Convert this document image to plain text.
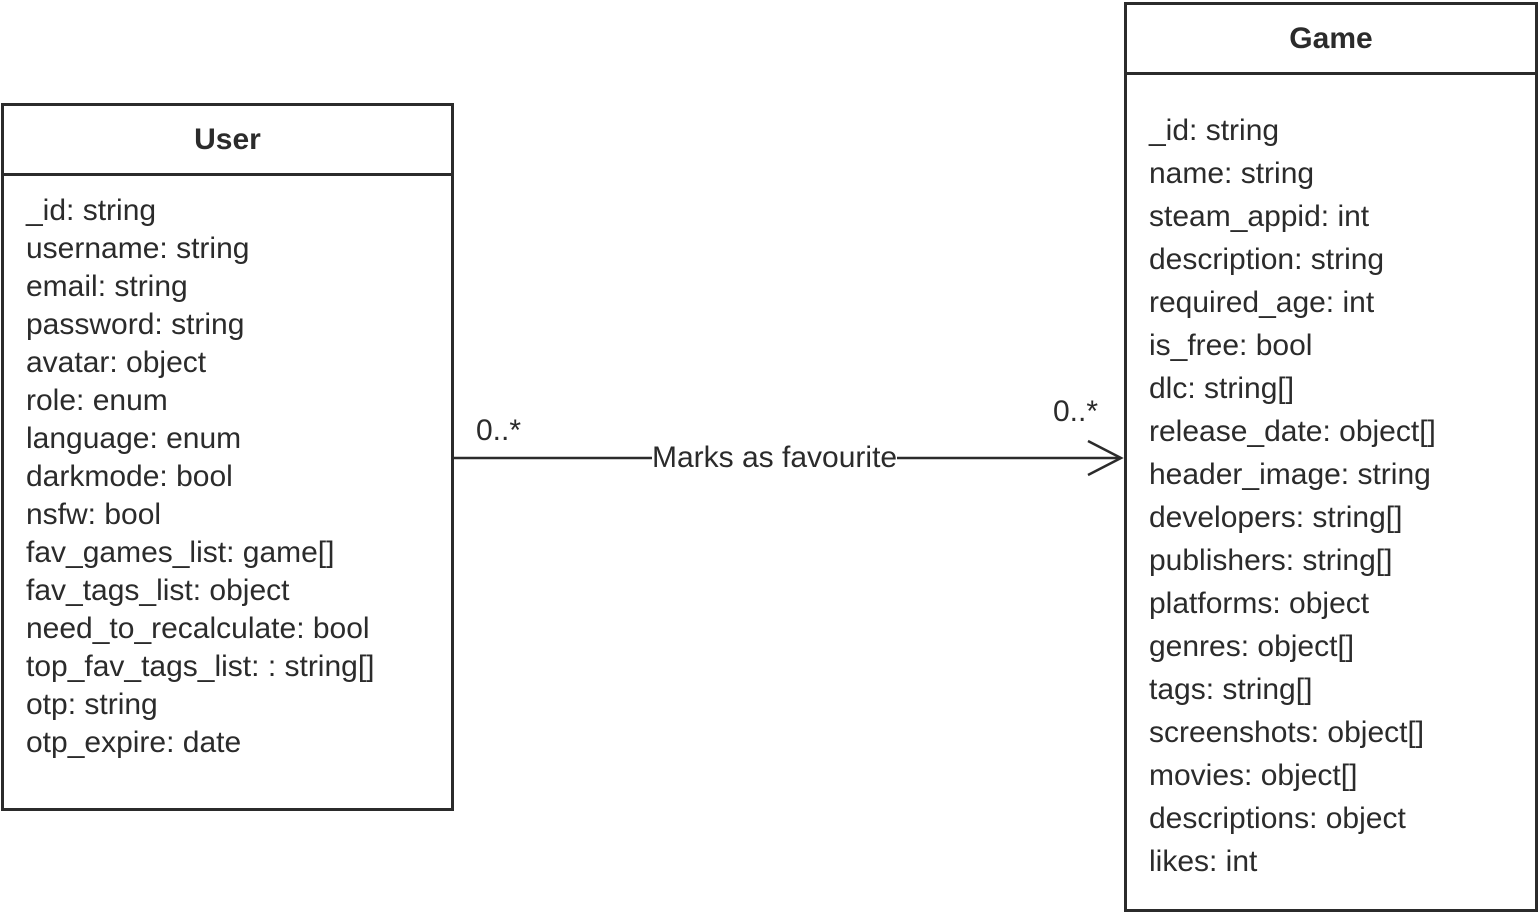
User
_id: string
username: string
email: string
password: string
avatar: object
role: enum
language: enum
darkmode: bool
nsfw: bool
fav_games_list: game[]
fav_tags_list: object
need_to_recalculate: bool
top_fav_tags_list: : string[]
otp: string
otp_expire: date
Game
_id: string
name: string
steam_appid: int
description: string
required_age: int
is_free: bool
dlc: string[]
release_date: object[]
header_image: string
developers: string[]
publishers: string[]
platforms: object
genres: object[]
tags: string[]
screenshots: object[]
movies: object[]
descriptions: object
likes: int
0..*
0..*
Marks as favourite
